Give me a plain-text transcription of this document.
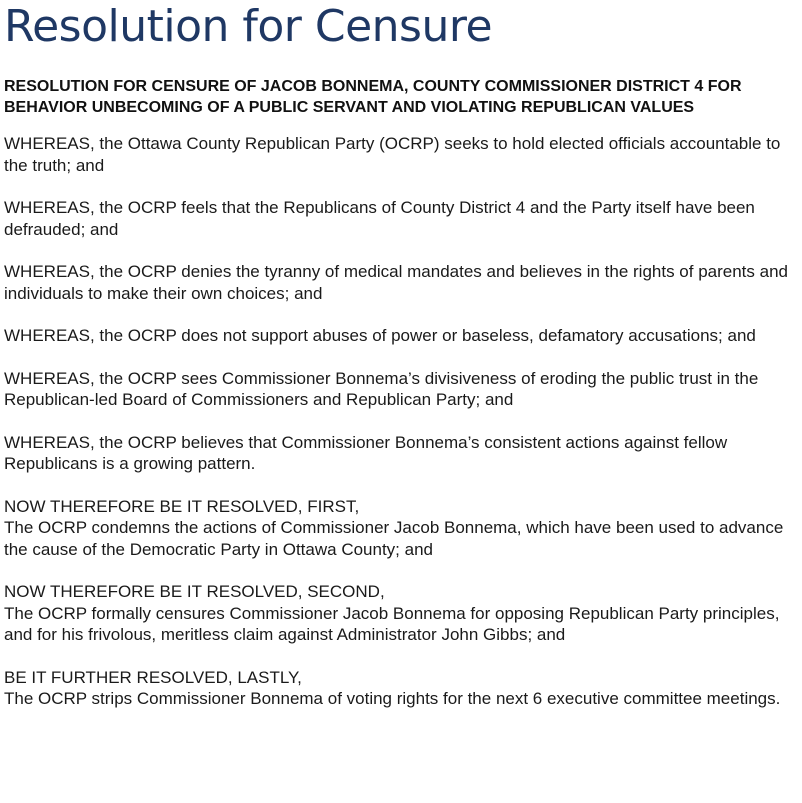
Resolution for Censure
RESOLUTION FOR CENSURE OF JACOB BONNEMA, COUNTY COMMISSIONER DISTRICT 4 FOR BEHAVIOR UNBECOMING OF A PUBLIC SERVANT AND VIOLATING REPUBLICAN VALUES
WHEREAS, the Ottawa County Republican Party (OCRP) seeks to hold elected officials accountable to the truth; and
WHEREAS, the OCRP feels that the Republicans of County District 4 and the Party itself have been defrauded; and
WHEREAS, the OCRP denies the tyranny of medical mandates and believes in the rights of parents and individuals to make their own choices; and
WHEREAS, the OCRP does not support abuses of power or baseless, defamatory accusations; and
WHEREAS, the OCRP sees Commissioner Bonnema’s divisiveness of eroding the public trust in the Republican-led Board of Commissioners and Republican Party; and
WHEREAS, the OCRP believes that Commissioner Bonnema’s consistent actions against fellow Republicans is a growing pattern.
NOW THEREFORE BE IT RESOLVED, FIRST,
The OCRP condemns the actions of Commissioner Jacob Bonnema, which have been used to advance the cause of the Democratic Party in Ottawa County; and
NOW THEREFORE BE IT RESOLVED, SECOND,
The OCRP formally censures Commissioner Jacob Bonnema for opposing Republican Party principles, and for his frivolous, meritless claim against Administrator John Gibbs; and
BE IT FURTHER RESOLVED, LASTLY,
The OCRP strips Commissioner Bonnema of voting rights for the next 6 executive committee meetings.
